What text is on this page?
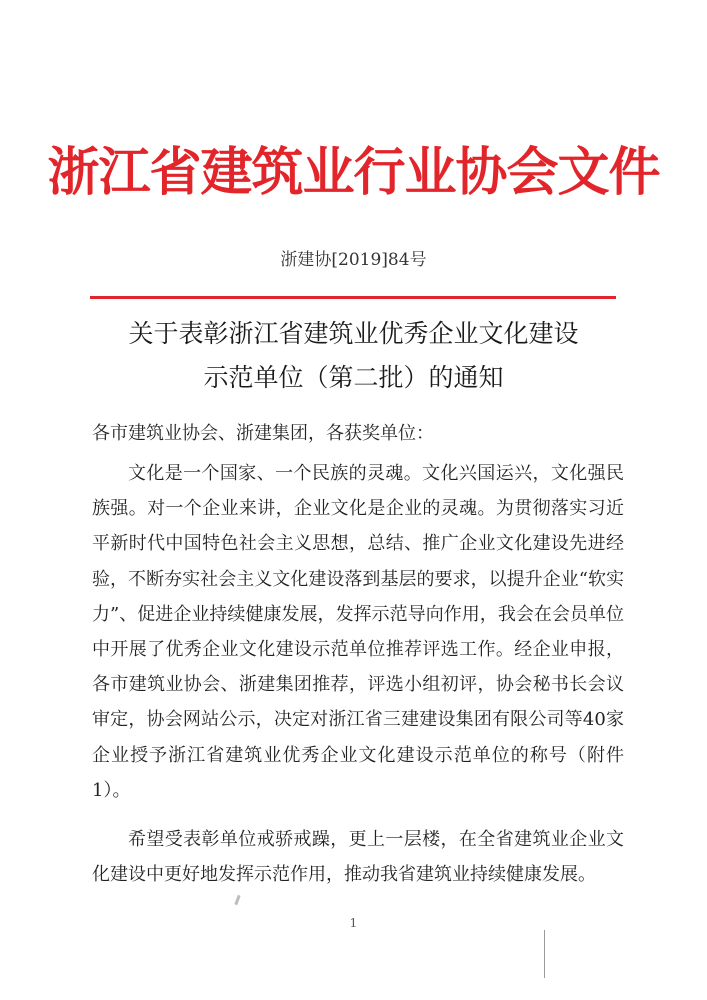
浙江省建筑业行业协会文件
浙建协[2019]84号
关于表彰浙江省建筑业优秀企业文化建设
示范单位（第二批）的通知
各市建筑业协会、浙建集团，各获奖单位：
文化是一个国家、一个民族的灵魂。文化兴国运兴，文化强民族强。对一个企业来讲，企业文化是企业的灵魂。为贯彻落实习近平新时代中国特色社会主义思想，总结、推广企业文化建设先进经验，不断夯实社会主义文化建设落到基层的要求，以提升企业“软实力”、促进企业持续健康发展，发挥示范导向作用，我会在会员单位中开展了优秀企业文化建设示范单位推荐评选工作。经企业申报，各市建筑业协会、浙建集团推荐，评选小组初评，协会秘书长会议审定，协会网站公示，决定对浙江省三建建设集团有限公司等40家企业授予浙江省建筑业优秀企业文化建设示范单位的称号（附件1）。
希望受表彰单位戒骄戒躁，更上一层楼，在全省建筑业企业文化建设中更好地发挥示范作用，推动我省建筑业持续健康发展。
1
